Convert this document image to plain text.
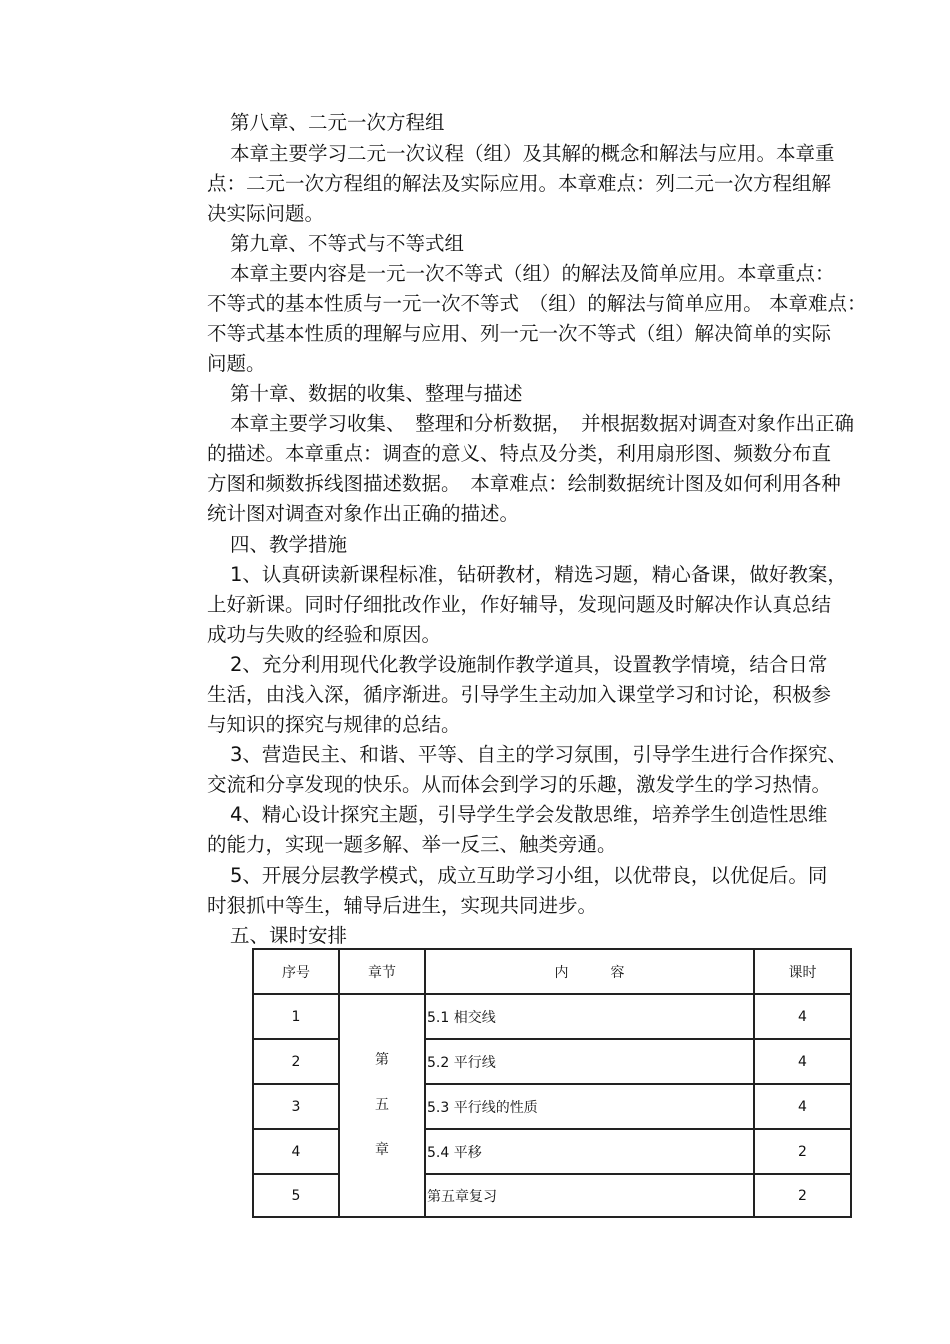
第八章、二元一次方程组
本章主要学习二元一次议程（组）及其解的概念和解法与应用。本章重
点：二元一次方程组的解法及实际应用。本章难点：列二元一次方程组解
决实际问题。
第九章、不等式与不等式组
本章主要内容是一元一次不等式（组）的解法及简单应用。本章重点：
不等式的基本性质与一元一次不等式　（组）的解法与简单应用。 本章难点：
不等式基本性质的理解与应用、列一元一次不等式（组）解决简单的实际
问题。
第十章、数据的收集、整理与描述
本章主要学习收集、　整理和分析数据，　并根据数据对调查对象作出正确
的描述。本章重点：调查的意义、特点及分类，利用扇形图、频数分布直
方图和频数拆线图描述数据。　本章难点：绘制数据统计图及如何利用各种
统计图对调查对象作出正确的描述。
四、教学措施
1、认真研读新课程标准，钻研教材，精选习题，精心备课，做好教案，
上好新课。同时仔细批改作业，作好辅导，发现问题及时解决作认真总结
成功与失败的经验和原因。
2、充分利用现代化教学设施制作教学道具，设置教学情境，结合日常
生活，由浅入深，循序渐进。引导学生主动加入课堂学习和讨论，积极参
与知识的探究与规律的总结。
3、营造民主、和谐、平等、自主的学习氛围，引导学生进行合作探究、
交流和分享发现的快乐。从而体会到学习的乐趣，激发学生的学习热情。
4、精心设计探究主题，引导学生学会发散思维，培养学生创造性思维
的能力，实现一题多解、举一反三、触类旁通。
5、开展分层教学模式，成立互助学习小组，以优带良，以优促后。同
时狠抓中等生，辅导后进生，实现共同进步。
五、课时安排
序号	章节	内　　　容	课时
1	第
五
章	5.1 相交线	4
2		5.2 平行线	4
3		5.3 平行线的性质	4
4		5.4 平移	2
5		第五章复习	2
